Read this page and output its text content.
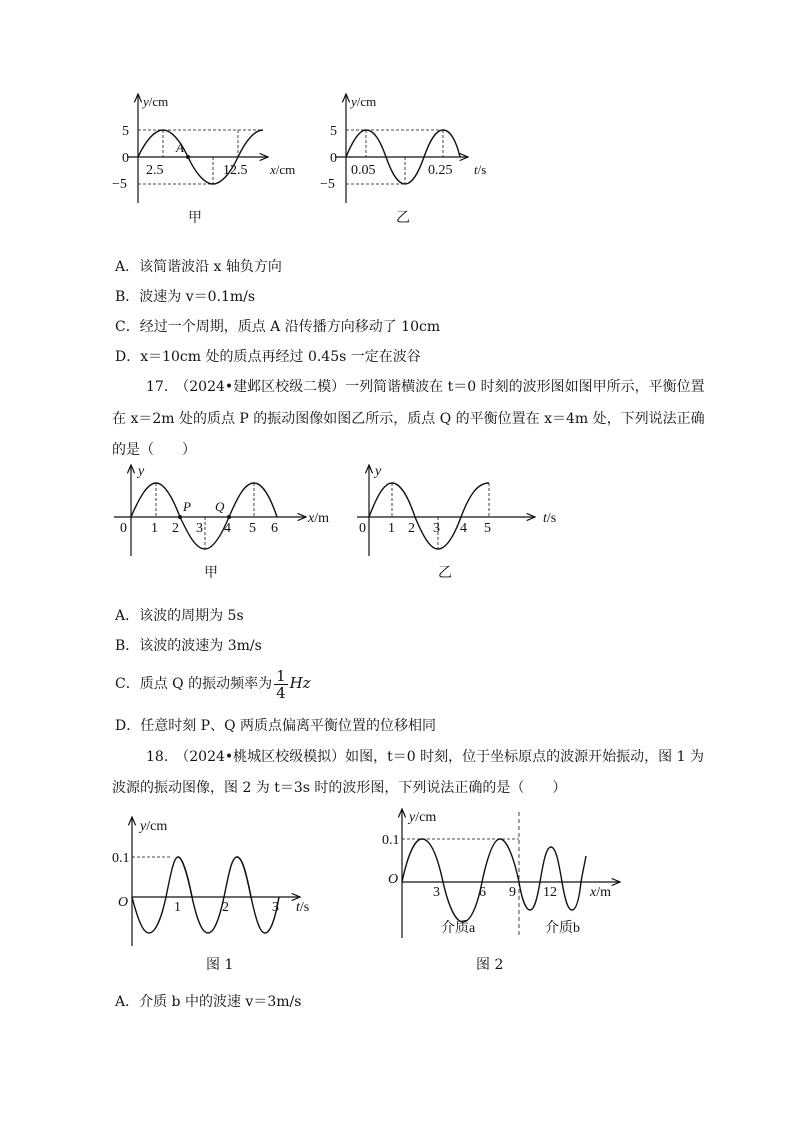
y/cm
5
0
−5
2.5	12.5
A
x/cm
甲
y/cm
5
0
−5
0.05	0.25 t/s
乙
A．该简谐波沿 x 轴负方向
B．波速为 v＝0.1m/s
C．经过一个周期，质点 A 沿传播方向移动了 10cm
D．x＝10cm 处的质点再经过 0.45s 一定在波谷
17.　（2024•建邺区校级二模）一列简谐横波在 t＝0 时刻的波形图如图甲所示，平衡位置
在 x＝2m 处的质点 P 的振动图像如图乙所示，质点 Q 的平衡位置在 x＝4m 处，下列说法正确
的是（　　）
y
P Q
0 1 2 3 4 5 6
x/m
甲
y
0 1 2 3 4 5
t/s
乙
A．该波的周期为 5s
B．该波的波速为 3m/s
C．质点 Q 的振动频率为 $\frac{1}{4}$ Hz
D．任意时刻 P、Q 两质点偏离平衡位置的位移相同
18.　（2024•桃城区校级模拟）如图，t＝0 时刻，位于坐标原点的波源开始振动，图 1 为
波源的振动图像，图 2 为 t＝3s 时的波形图，下列说法正确的是（　　）
y/cm
0.1
O	1	2	3 t/s
图 1
y/cm
0.1
O
3	6 9 12 x/m
介质a	介质b
图 2
A．介质 b 中的波速 v＝3m/s
